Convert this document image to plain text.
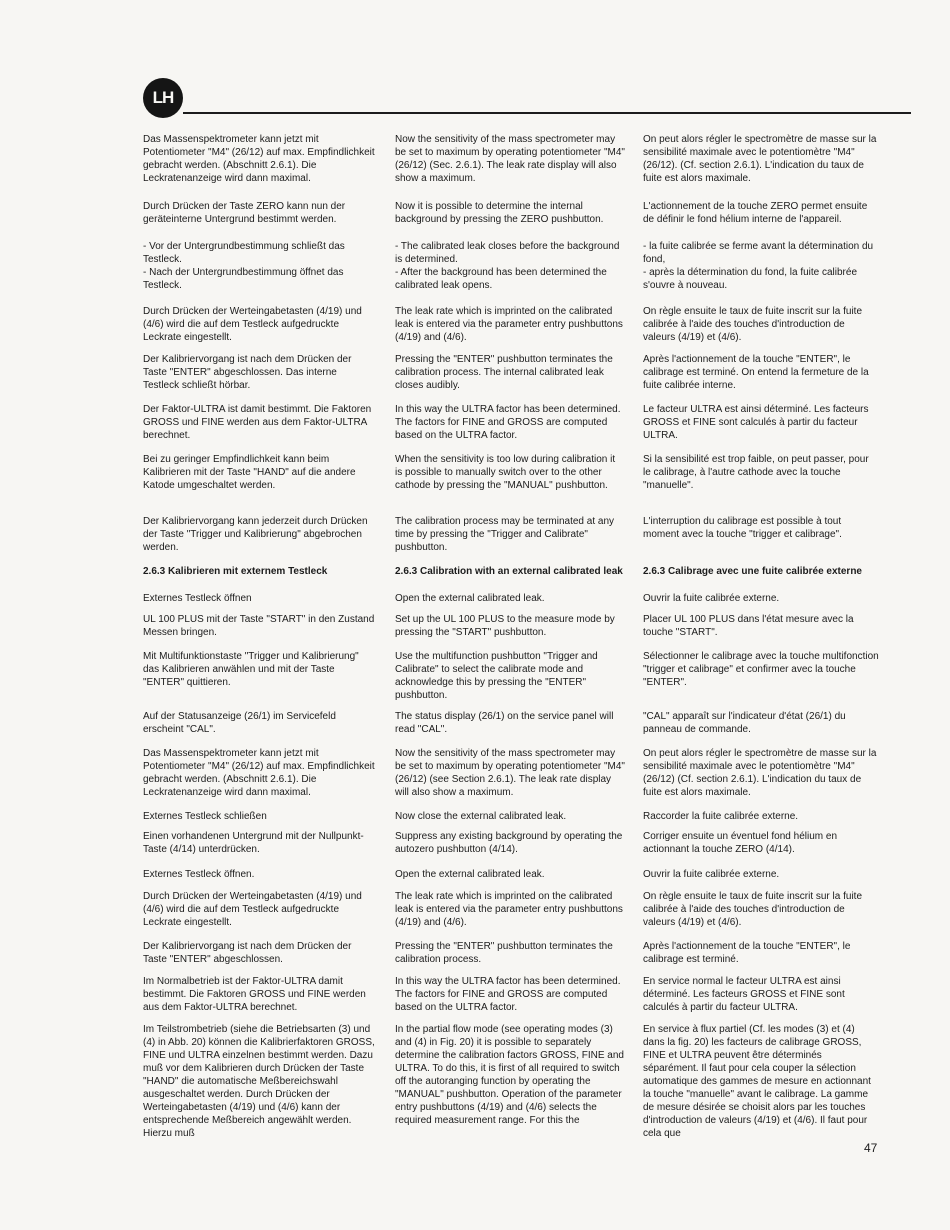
LH

Das Massenspektrometer kann jetzt mit Potentiometer "M4" (26/12) auf max. Empfindlichkeit gebracht werden. (Abschnitt 2.6.1). Die Leckratenanzeige wird dann maximal.

Durch Drücken der Taste ZERO kann nun der geräteinterne Untergrund bestimmt werden.

- Vor der Untergrundbestimmung schließt das Testleck.
- Nach der Untergrundbestimmung öffnet das Testleck.

Durch Drücken der Werteingabetasten (4/19) und (4/6) wird die auf dem Testleck aufgedruckte Leckrate eingestellt.

Der Kalibriervorgang ist nach dem Drücken der Taste "ENTER" abgeschlossen. Das interne Testleck schließt hörbar.

Der Faktor-ULTRA ist damit bestimmt. Die Faktoren GROSS und FINE werden aus dem Faktor-ULTRA berechnet.

Bei zu geringer Empfindlichkeit kann beim Kalibrieren mit der Taste "HAND" auf die andere Katode umgeschaltet werden.

Der Kalibriervorgang kann jederzeit durch Drücken der Taste "Trigger und Kalibrierung" abgebrochen werden.

2.6.3 Kalibrieren mit externem Testleck

Externes Testleck öffnen

UL 100 PLUS mit der Taste "START" in den Zustand Messen bringen.

Mit Multifunktionstaste "Trigger und Kalibrierung" das Kalibrieren anwählen und mit der Taste "ENTER" quittieren.

Auf der Statusanzeige (26/1) im Servicefeld erscheint "CAL".

Das Massenspektrometer kann jetzt mit Potentiometer "M4" (26/12) auf max. Empfindlichkeit gebracht werden. (Abschnitt 2.6.1). Die Leckratenanzeige wird dann maximal.

Externes Testleck schließen

Einen vorhandenen Untergrund mit der Nullpunkt-Taste (4/14) unterdrücken.

Externes Testleck öffnen.

Durch Drücken der Werteingabetasten (4/19) und (4/6) wird die auf dem Testleck aufgedruckte Leckrate eingestellt.

Der Kalibriervorgang ist nach dem Drücken der Taste "ENTER" abgeschlossen.

Im Normalbetrieb ist der Faktor-ULTRA damit bestimmt. Die Faktoren GROSS und FINE werden aus dem Faktor-ULTRA berechnet.

Im Teilstrombetrieb (siehe die Betriebsarten (3) und (4) in Abb. 20) können die Kalibrierfaktoren GROSS, FINE und ULTRA einzelnen bestimmt werden. Dazu muß vor dem Kalibrieren durch Drücken der Taste "HAND" die automatische Meßbereichswahl ausgeschaltet werden. Durch Drücken der Werteingabetasten (4/19) und (4/6) kann der entsprechende Meßbereich angewählt werden. Hierzu muß

Now the sensitivity of the mass spectrometer may be set to maximum by operating potentiometer "M4" (26/12) (Sec. 2.6.1). The leak rate display will also show a maximum.

Now it is possible to determine the internal background by pressing the ZERO pushbutton.

- The calibrated leak closes before the background is determined.
- After the background has been determined the calibrated leak opens.

The leak rate which is imprinted on the calibrated leak is entered via the parameter entry pushbuttons (4/19) and (4/6).

Pressing the "ENTER" pushbutton terminates the calibration process. The internal calibrated leak closes audibly.

In this way the ULTRA factor has been determined. The factors for FINE and GROSS are computed based on the ULTRA factor.

When the sensitivity is too low during calibration it is possible to manually switch over to the other cathode by pressing the "MANUAL" pushbutton.

The calibration process may be terminated at any time by pressing the "Trigger and Calibrate" pushbutton.

2.6.3 Calibration with an external calibrated leak

Open the external calibrated leak.

Set up the UL 100 PLUS to the measure mode by pressing the "START" pushbutton.

Use the multifunction pushbutton "Trigger and Calibrate" to select the calibrate mode and acknowledge this by pressing the "ENTER" pushbutton.

The status display (26/1) on the service panel will read "CAL".

Now the sensitivity of the mass spectrometer may be set to maximum by operating potentiometer "M4" (26/12) (see Section 2.6.1). The leak rate display will also show a maximum.

Now close the external calibrated leak.

Suppress any existing background by operating the autozero pushbutton (4/14).

Open the external calibrated leak.

The leak rate which is imprinted on the calibrated leak is entered via the parameter entry pushbuttons (4/19) and (4/6).

Pressing the "ENTER" pushbutton terminates the calibration process.

In this way the ULTRA factor has been determined. The factors for FINE and GROSS are computed based on the ULTRA factor.

In the partial flow mode (see operating modes (3) and (4) in Fig. 20) it is possible to separately determine the calibration factors GROSS, FINE and ULTRA. To do this, it is first of all required to switch off the autoranging function by operating the "MANUAL" pushbutton. Operation of the parameter entry pushbuttons (4/19) and (4/6) selects the required measurement range. For this the

On peut alors régler le spectromètre de masse sur la sensibilité maximale avec le potentiomètre "M4" (26/12). (Cf. section 2.6.1). L'indication du taux de fuite est alors maximale.

L'actionnement de la touche ZERO permet ensuite de définir le fond hélium interne de l'appareil.

- la fuite calibrée se ferme avant la détermination du fond,
- après la détermination du fond, la fuite calibrée s'ouvre à nouveau.

On règle ensuite le taux de fuite inscrit sur la fuite calibrée à l'aide des touches d'introduction de valeurs (4/19) et (4/6).

Après l'actionnement de la touche "ENTER", le calibrage est terminé. On entend la fermeture de la fuite calibrée interne.

Le facteur ULTRA est ainsi déterminé. Les facteurs GROSS et FINE sont calculés à partir du facteur ULTRA.

Si la sensibilité est trop faible, on peut passer, pour le calibrage, à l'autre cathode avec la touche "manuelle".

L'interruption du calibrage est possible à tout moment avec la touche "trigger et calibrage".

2.6.3 Calibrage avec une fuite calibrée externe

Ouvrir la fuite calibrée externe.

Placer UL 100 PLUS dans l'état mesure avec la touche "START".

Sélectionner le calibrage avec la touche multifonction "trigger et calibrage" et confirmer avec la touche "ENTER".

"CAL" apparaît sur l'indicateur d'état (26/1) du panneau de commande.

On peut alors régler le spectromètre de masse sur la sensibilité maximale avec le potentiomètre "M4" (26/12) (Cf. section 2.6.1). L'indication du taux de fuite est alors maximale.

Raccorder la fuite calibrée externe.

Corriger ensuite un éventuel fond hélium en actionnant la touche ZERO (4/14).

Ouvrir la fuite calibrée externe.

On règle ensuite le taux de fuite inscrit sur la fuite calibrée à l'aide des touches d'introduction de valeurs (4/19) et (4/6).

Après l'actionnement de la touche "ENTER", le calibrage est terminé.

En service normal le facteur ULTRA est ainsi déterminé. Les facteurs GROSS et FINE sont calculés à partir du facteur ULTRA.

En service à flux partiel (Cf. les modes (3) et (4) dans la fig. 20) les facteurs de calibrage GROSS, FINE et ULTRA peuvent être déterminés séparément. Il faut pour cela couper la sélection automatique des gammes de mesure en actionnant la touche "manuelle" avant le calibrage. La gamme de mesure désirée se choisit alors par les touches d'introduction de valeurs (4/19) et (4/6). Il faut pour cela que

47
